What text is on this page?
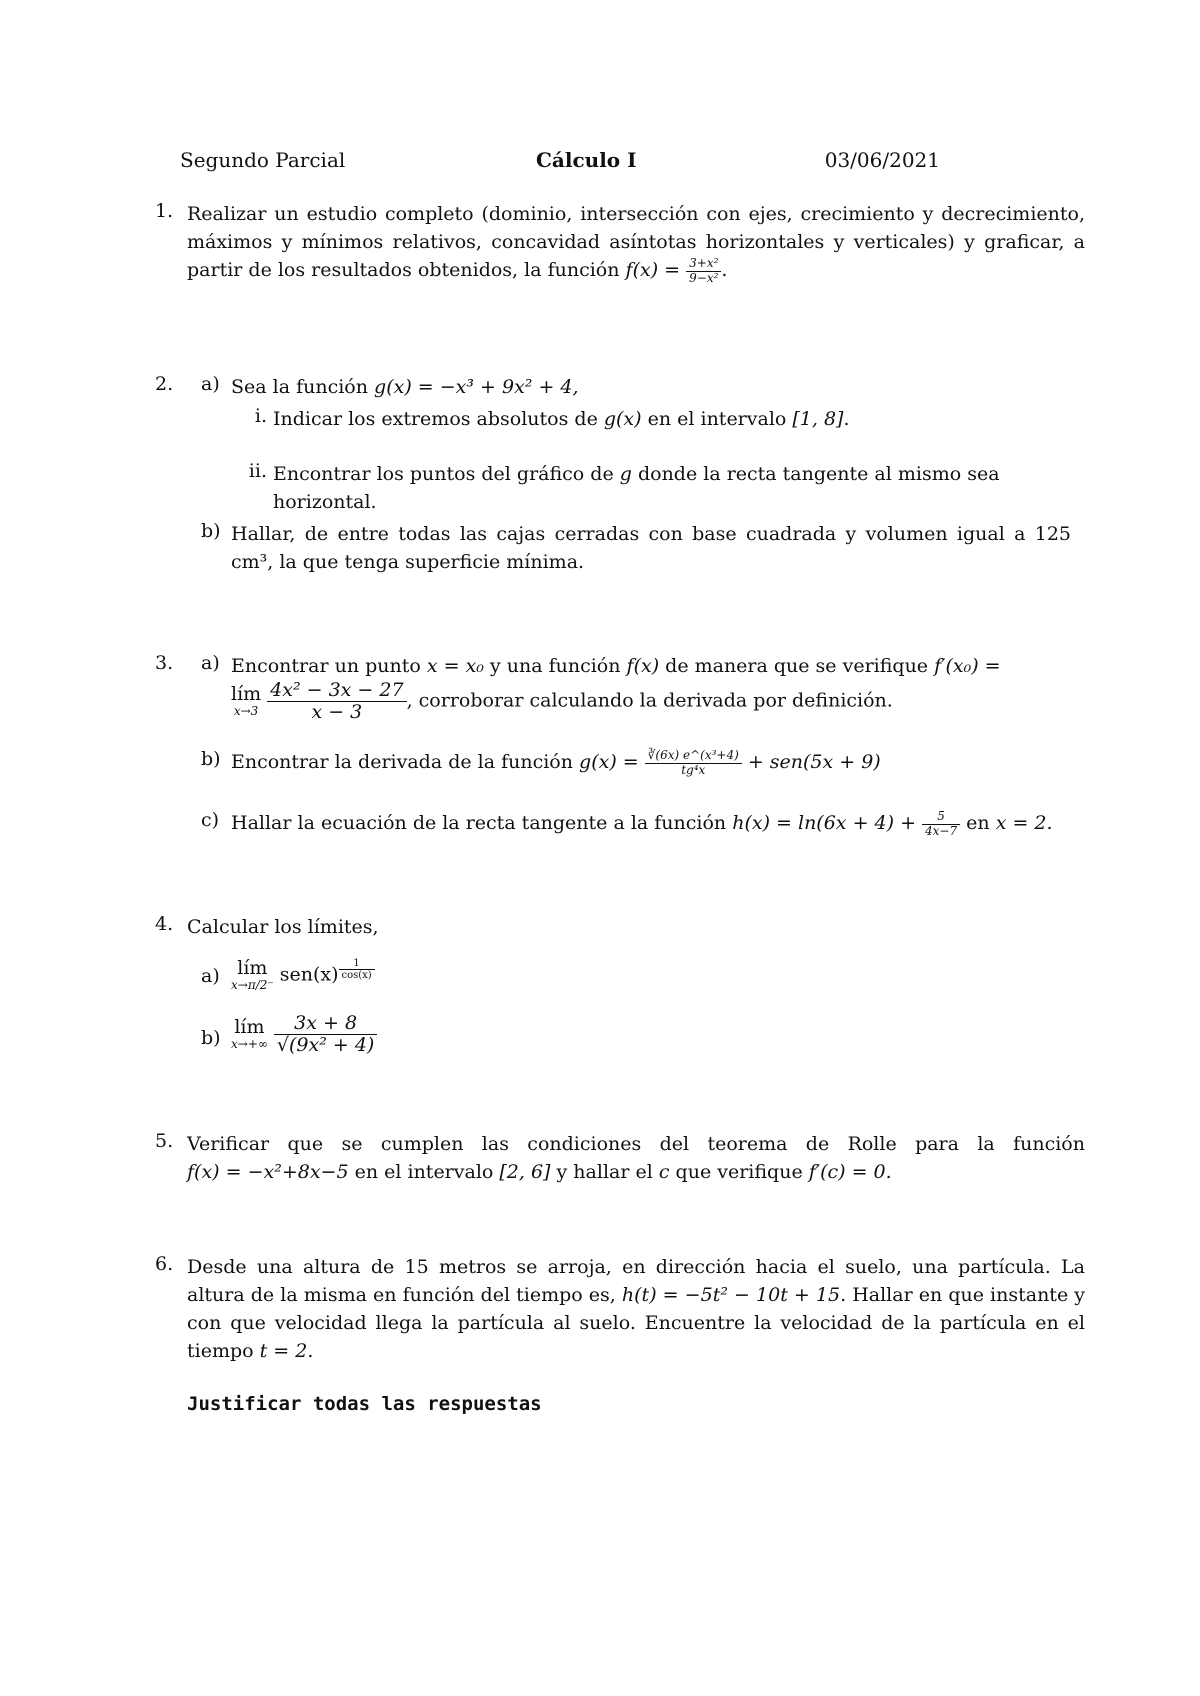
Segundo Parcial	Cálculo I	03/06/2021
1. Realizar un estudio completo (dominio, intersección con ejes, crecimiento y decrecimiento, máximos y mínimos relativos, concavidad asíntotas horizontales y verticales) y graficar, a partir de los resultados obtenidos, la función $f(x) = \frac{\text{3+x²}}{\text{9−x²}}$ .
2. a) Sea la función g(x) = −x³ + 9x² + 4,
i. Indicar los extremos absolutos de g(x) en el intervalo [1, 8].
ii. Encontrar los puntos del gráfico de g donde la recta tangente al mismo sea horizontal.
b) Hallar, de entre todas las cajas cerradas con base cuadrada y volumen igual a 125 cm³, la que tenga superficie mínima.
3. a) Encontrar un punto x = x₀ y una función f(x) de manera que se verifique f′(x₀) =

lím
$x\to 3 \frac{\text{4x² − 3x − 27}}{x - 3}$ , corroborar calculando la derivada por definición.
b) Encontrar la derivada de la función $g(x) = \frac{\text{∛(6x) e\textasciicircum{}(x³+4)}}{\text{tg⁴x}} + sen(5x + 9)$
c) Hallar la ecuación de la recta tangente a la función $h(x) = \ln(6x + 4) + \frac{5}{4x-7}$ en x = 2.
4. Calcular los límites,
a) lím
x→π/2⁻ sen(x) $^{\frac{1}{\cos(x)}}$
b) lím
$x\to+\infty \frac{3x + 8}{\text{√(9x² + 4)}}$
5. Verificar que se cumplen las condiciones del teorema de Rolle para la función f(x) = −x²+8x−5 en el intervalo [2, 6] y hallar el c que verifique f′(c) = 0.
6. Desde una altura de 15 metros se arroja, en dirección hacia el suelo, una partícula. La altura de la misma en función del tiempo es, h(t) = −5t² − 10t + 15. Hallar en que instante y con que velocidad llega la partícula al suelo. Encuentre la velocidad de la partícula en el tiempo t = 2.
Justificar todas las respuestas
